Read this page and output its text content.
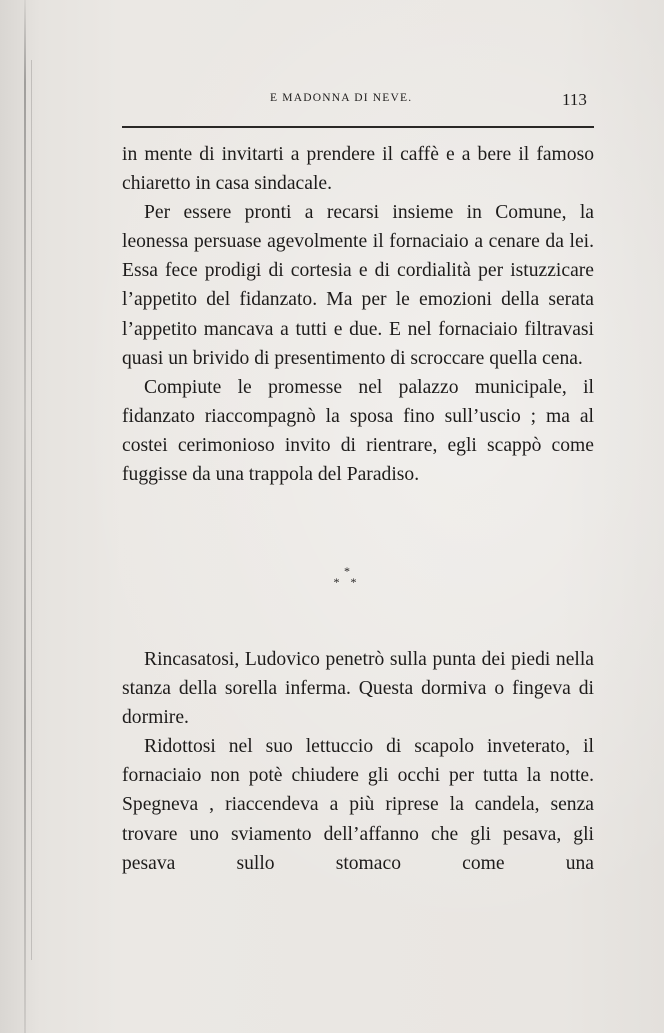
E MADONNA DI NEVE.	113

in mente di invitarti a prendere il caffè e a bere il famoso chiaretto in casa sindacale.

Per essere pronti a recarsi insieme in Comune, la leonessa persuase agevolmente il fornaciaio a cenare da lei. Essa fece prodigi di cortesia e di cordialità per istuzzicare l’appetito del fidanzato. Ma per le emozioni della serata l’appetito mancava a tutti e due. E nel fornaciaio filtravasi quasi un brivido di presentimento di scroccare quella cena.

Compiute le promesse nel palazzo municipale, il fidanzato riaccompagnò la sposa fino sull’uscio ; ma al costei cerimonioso invito di rientrare, egli scappò come fuggisse da una trappola del Paradiso.

*
* *

Rincasatosi, Ludovico penetrò sulla punta dei piedi nella stanza della sorella inferma. Questa dormiva o fingeva di dormire.

Ridottosi nel suo lettuccio di scapolo inveterato, il fornaciaio non potè chiudere gli occhi per tutta la notte. Spegneva , riaccendeva a più riprese la candela, senza trovare uno sviamento dell’affanno che gli pesava, gli pesava sullo stomaco come una
